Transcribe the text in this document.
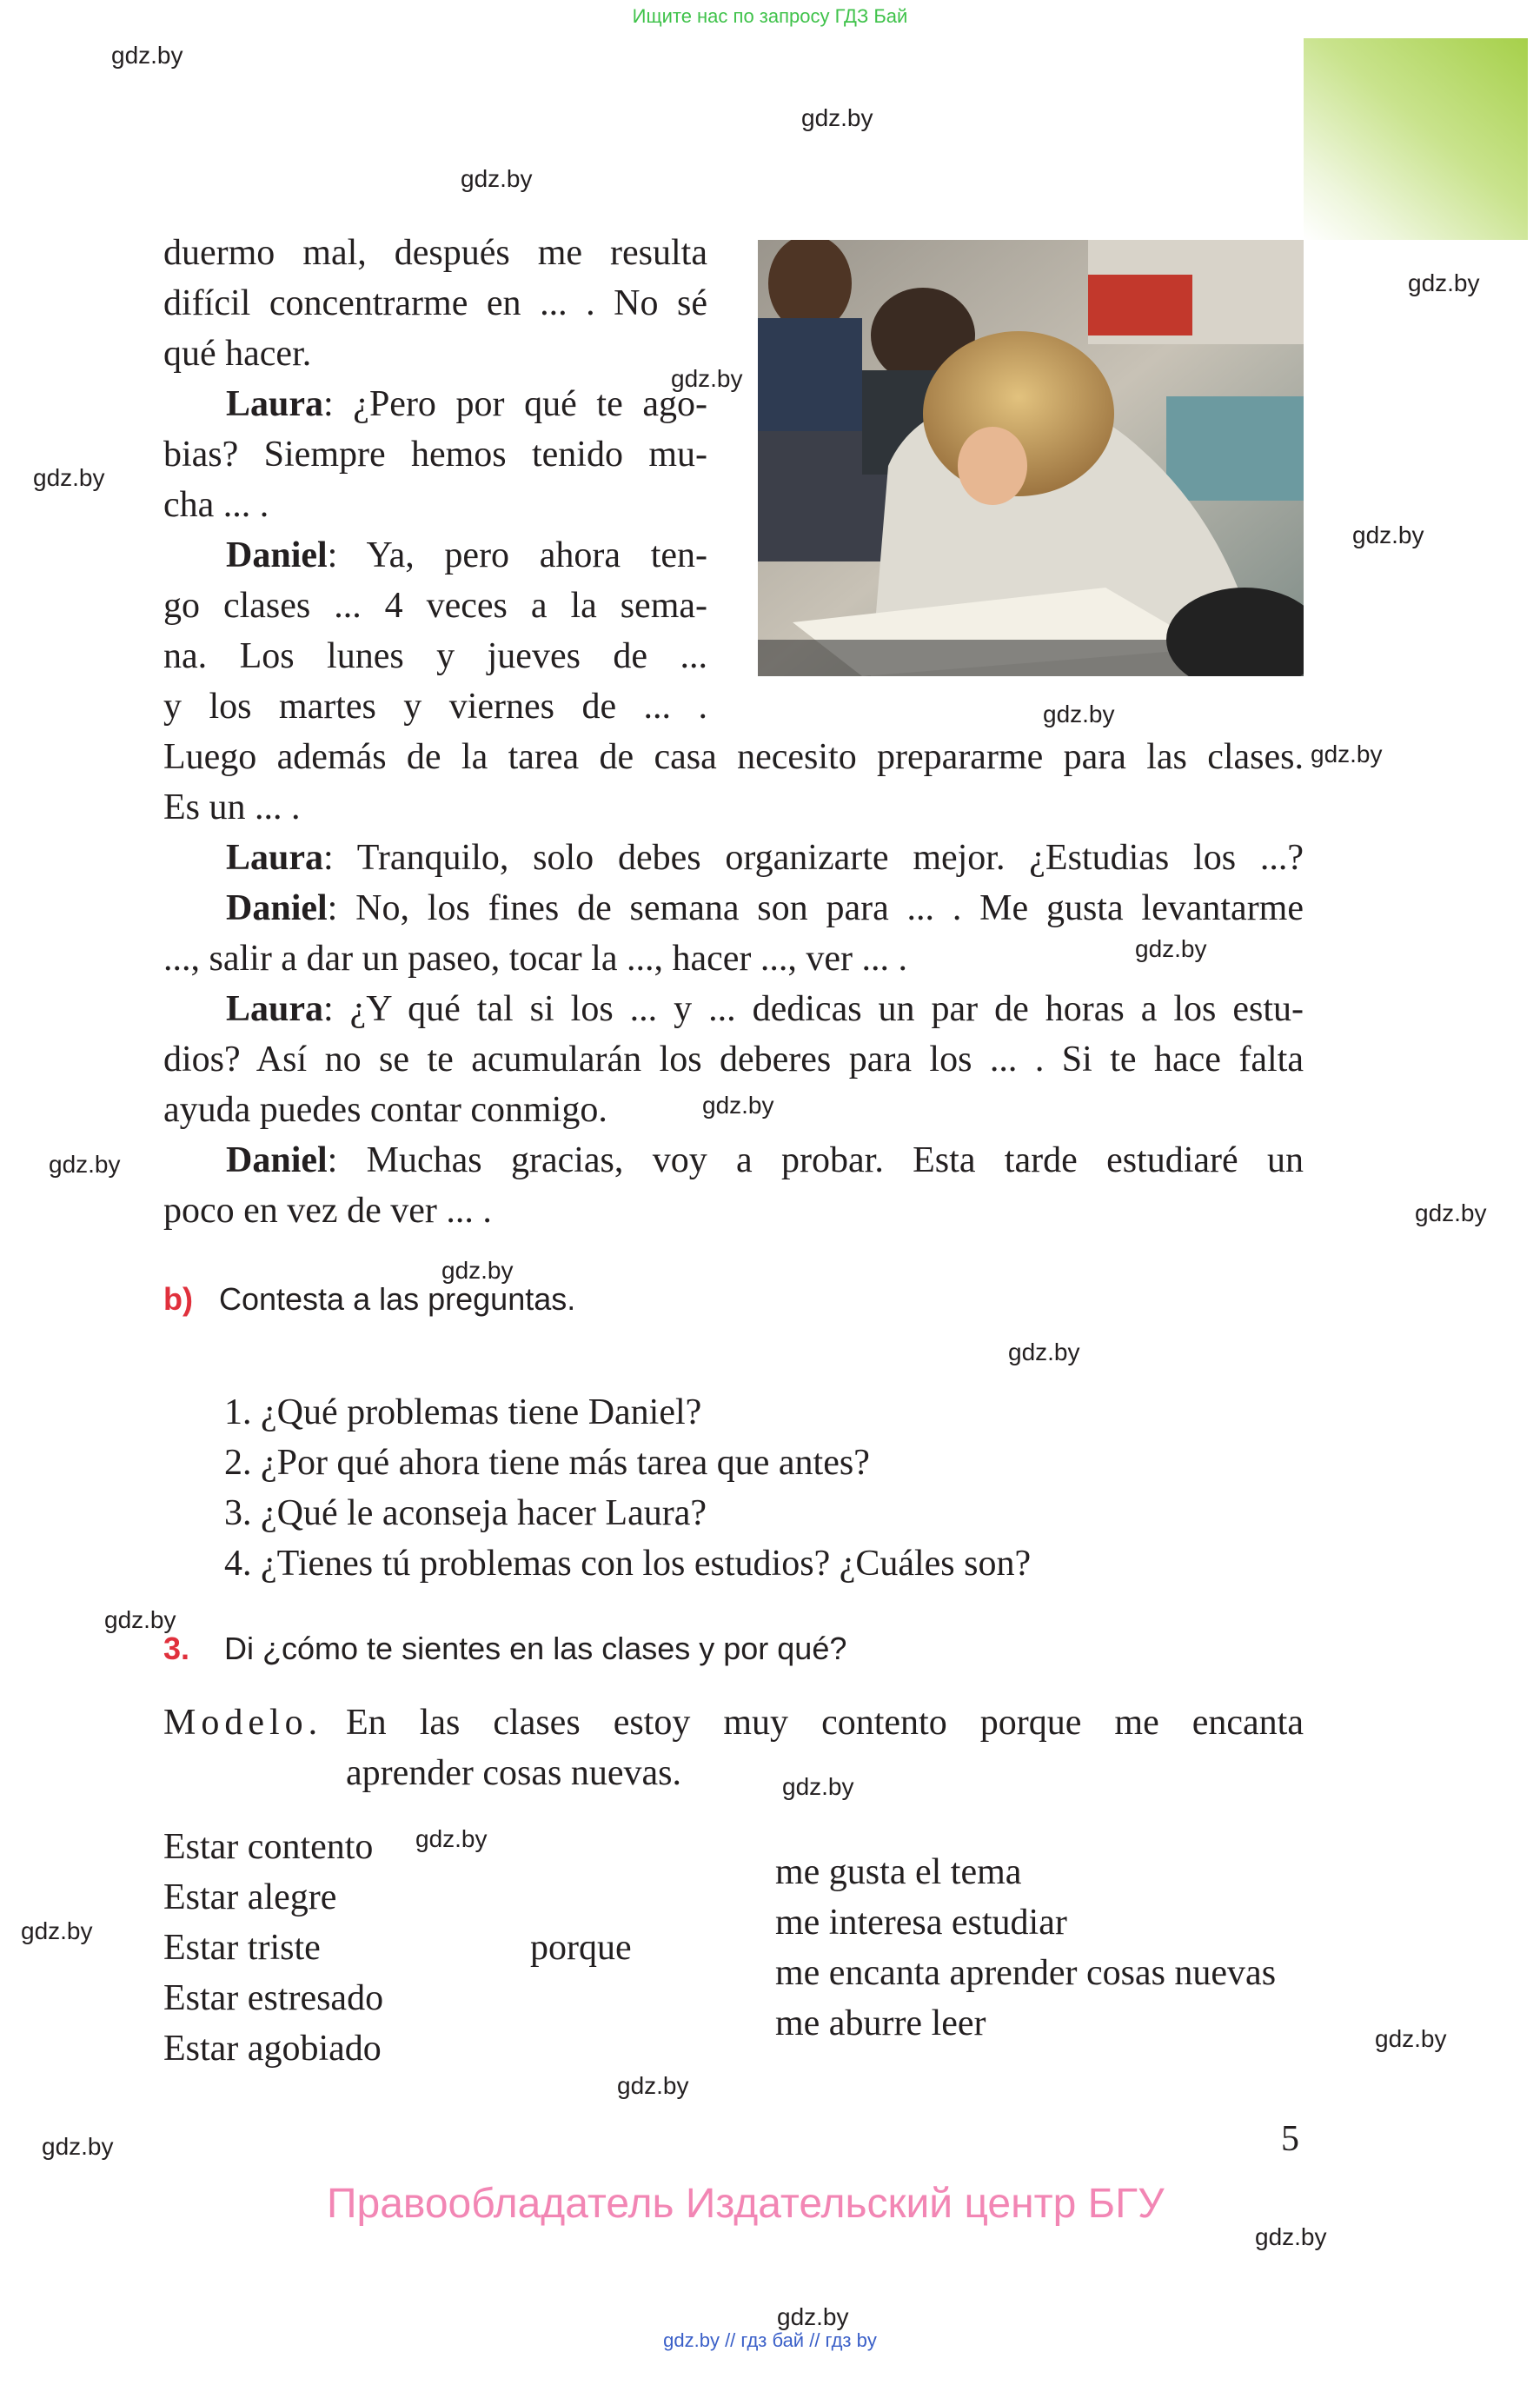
Ищите нас по запросу ГДЗ Бай
duermo mal, después me resulta
difícil concentrarme en ... . No sé
qué hacer.
Laura: ¿Pero por qué te ago-
bias? Siempre hemos tenido mu-
cha ... .
Daniel: Ya, pero ahora ten-
go clases ... 4 veces a la sema-
na. Los lunes y jueves de ...
y los martes y viernes de ... .
Luego además de la tarea de casa necesito prepararme para las clases.
Es un ... .
Laura: Tranquilo, solo debes organizarte mejor. ¿Estudias los ...?
Daniel: No, los fines de semana son para ... . Me gusta levantarme
..., salir a dar un paseo, tocar la ..., hacer ..., ver ... .
Laura: ¿Y qué tal si los ... y ... dedicas un par de horas a los estu-
dios? Así no se te acumularán los deberes para los ... . Si te hace falta
ayuda puedes contar conmigo.
Daniel: Muchas gracias, voy a probar. Esta tarde estudiaré un
poco en vez de ver ... .
b) Contesta a las preguntas.
1. ¿Qué problemas tiene Daniel?
2. ¿Por qué ahora tiene más tarea que antes?
3. ¿Qué le aconseja hacer Laura?
4. ¿Tienes tú problemas con los estudios? ¿Cuáles son?
3. Di ¿cómo te sientes en las clases y por qué?
Modelo. En las clases estoy muy contento porque me encanta
aprender cosas nuevas.
Estar contento
Estar alegre
Estar triste
Estar estresado
Estar agobiado
porque
me gusta el tema
me interesa estudiar
me encanta aprender cosas nuevas
me aburre leer
5
Правообладатель Издательский центр БГУ
gdz.by
gdz.by
gdz.by
gdz.by
gdz.by
gdz.by
gdz.by
gdz.by
gdz.by
gdz.by
gdz.by
gdz.by
gdz.by
gdz.by
gdz.by
gdz.by
gdz.by
gdz.by
gdz.by
gdz.by
gdz.by
gdz.by
gdz.by
gdz.by
gdz.by // гдз бай // гдз by
